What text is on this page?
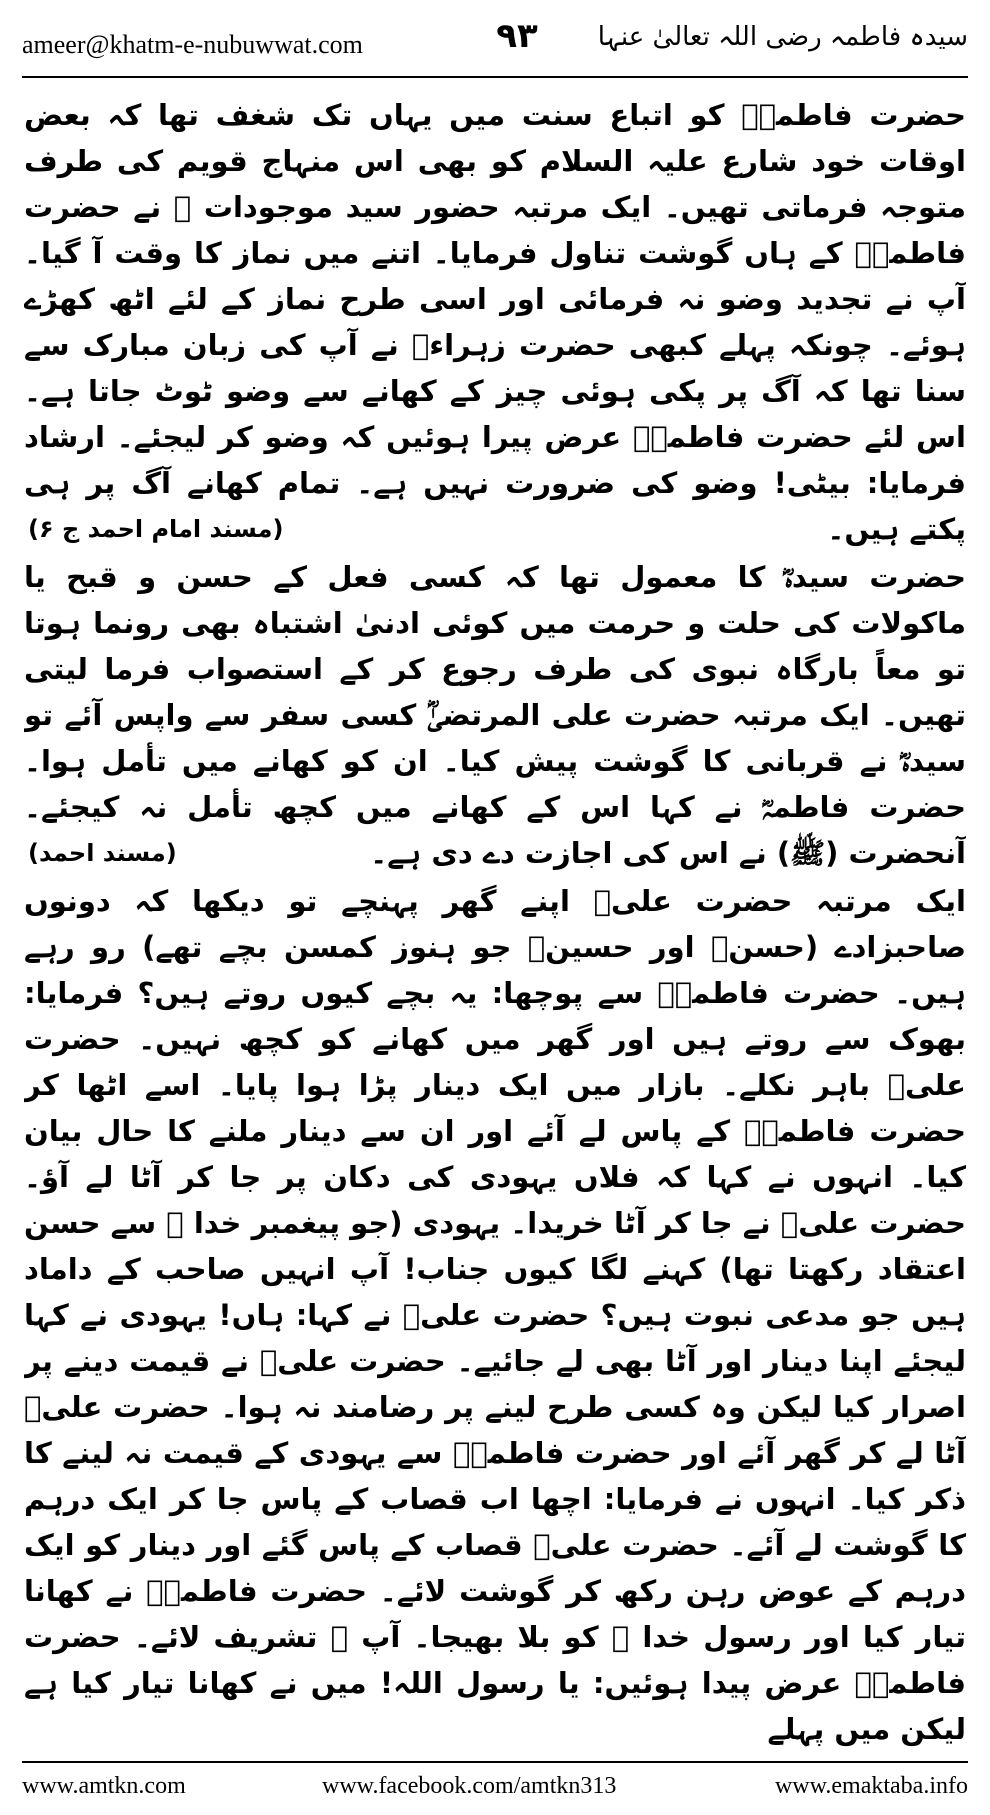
ameer@khatm-e-nubuwwat.com	۹۳	سیدہ فاطمہ رضی اللہ تعالیٰ عنہا

حضرت فاطمہؓ کو اتباع سنت میں یہاں تک شغف تھا کہ بعض اوقات خود شارع علیہ السلام کو بھی اس منہاج قویم کی طرف متوجہ فرماتی تھیں۔ ایک مرتبہ حضور سید موجودات ﷺ نے حضرت فاطمہؓ کے ہاں گوشت تناول فرمایا۔ اتنے میں نماز کا وقت آ گیا۔ آپ نے تجدید وضو نہ فرمائی اور اسی طرح نماز کے لئے اٹھ کھڑے ہوئے۔ چونکہ پہلے کبھی حضرت زہراءؓ نے آپ کی زبان مبارک سے سنا تھا کہ آگ پر پکی ہوئی چیز کے کھانے سے وضو ٹوٹ جاتا ہے۔ اس لئے حضرت فاطمہؓ عرض پیرا ہوئیں کہ وضو کر لیجئے۔ ارشاد فرمایا: بیٹی! وضو کی ضرورت نہیں ہے۔ تمام کھانے آگ پر ہی پکتے ہیں۔
(مسند امام احمد ج ۶)

حضرت سیدہؓ کا معمول تھا کہ کسی فعل کے حسن و قبح یا ماکولات کی حلت و حرمت میں کوئی ادنیٰ اشتباہ بھی رونما ہوتا تو معاً بارگاہ نبوی کی طرف رجوع کر کے استصواب فرما لیتی تھیں۔ ایک مرتبہ حضرت علی المرتضیٰؓ کسی سفر سے واپس آئے تو سیدہؓ نے قربانی کا گوشت پیش کیا۔ ان کو کھانے میں تأمل ہوا۔ حضرت فاطمہؓ نے کہا اس کے کھانے میں کچھ تأمل نہ کیجئے۔ آنحضرت (ﷺ) نے اس کی اجازت دے دی ہے۔
(مسند احمد)

ایک مرتبہ حضرت علیؓ اپنے گھر پہنچے تو دیکھا کہ دونوں صاحبزادے (حسنؓ اور حسینؓ جو ہنوز کمسن بچے تھے) رو رہے ہیں۔ حضرت فاطمہؓ سے پوچھا: یہ بچے کیوں روتے ہیں؟ فرمایا: بھوک سے روتے ہیں اور گھر میں کھانے کو کچھ نہیں۔ حضرت علیؓ باہر نکلے۔ بازار میں ایک دینار پڑا ہوا پایا۔ اسے اٹھا کر حضرت فاطمہؓ کے پاس لے آئے اور ان سے دینار ملنے کا حال بیان کیا۔ انہوں نے کہا کہ فلاں یہودی کی دکان پر جا کر آٹا لے آؤ۔ حضرت علیؓ نے جا کر آٹا خریدا۔ یہودی (جو پیغمبر خدا ﷺ سے حسن اعتقاد رکھتا تھا) کہنے لگا کیوں جناب! آپ انہیں صاحب کے داماد ہیں جو مدعی نبوت ہیں؟ حضرت علیؓ نے کہا: ہاں! یہودی نے کہا لیجئے اپنا دینار اور آٹا بھی لے جائیے۔ حضرت علیؓ نے قیمت دینے پر اصرار کیا لیکن وہ کسی طرح لینے پر رضامند نہ ہوا۔ حضرت علیؓ آٹا لے کر گھر آئے اور حضرت فاطمہؓ سے یہودی کے قیمت نہ لینے کا ذکر کیا۔ انہوں نے فرمایا: اچھا اب قصاب کے پاس جا کر ایک درہم کا گوشت لے آئے۔ حضرت علیؓ قصاب کے پاس گئے اور دینار کو ایک درہم کے عوض رہن رکھ کر گوشت لائے۔ حضرت فاطمہؓ نے کھانا تیار کیا اور رسول خدا ﷺ کو بلا بھیجا۔ آپ ﷺ تشریف لائے۔ حضرت فاطمہؓ عرض پیدا ہوئیں: یا رسول اللہ! میں نے کھانا تیار کیا ہے لیکن میں پہلے

www.amtkn.com	www.facebook.com/amtkn313	www.emaktaba.info
